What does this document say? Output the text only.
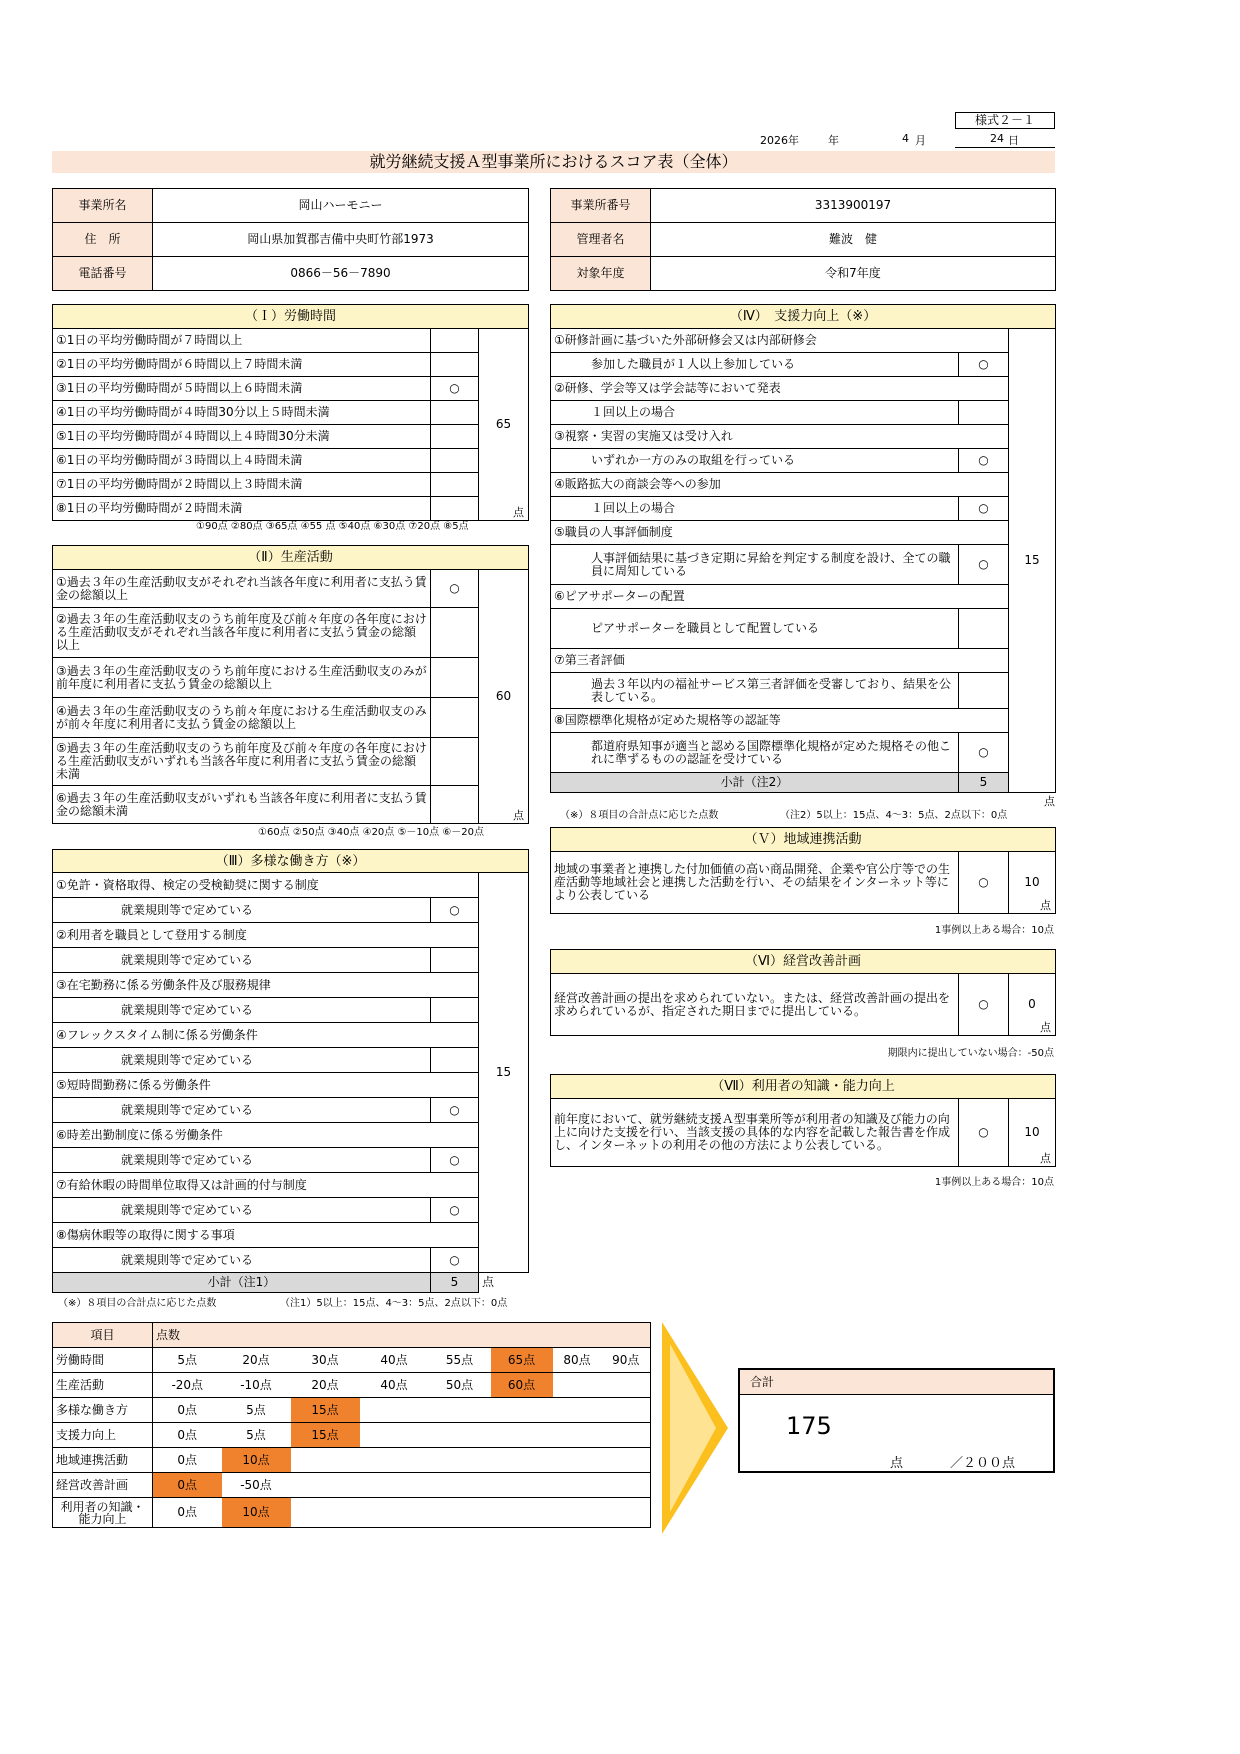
様式２－１
2026年	年	4 月	24 日
就労継続支援Ａ型事業所におけるスコア表（全体）
事業所名	岡山ハーモニー
住　所	岡山県加賀郡吉備中央町竹部1973
電話番号	0866－56－7890
事業所番号	3313900197
管理者名	難波　健
対象年度	令和7年度
（Ｉ）労働時間		
①1日の平均労働時間が７時間以上		65
点

②1日の平均労働時間が６時間以上７時間未満		
③1日の平均労働時間が５時間以上６時間未満	○	
④1日の平均労働時間が４時間30分以上５時間未満		
⑤1日の平均労働時間が４時間以上４時間30分未満		
⑥1日の平均労働時間が３時間以上４時間未満		
⑦1日の平均労働時間が２時間以上３時間未満		
⑧1日の平均労働時間が２時間未満		
①90点 ②80点 ③65点 ④55 点 ⑤40点 ⑥30点 ⑦20点 ⑧5点
（Ⅱ）生産活動		
①過去３年の生産活動収支がそれぞれ当該各年度に利用者に支払う賃金の総額以上	○	60
点

②過去３年の生産活動収支のうち前年度及び前々年度の各年度における生産活動収支がそれぞれ当該各年度に利用者に支払う賃金の総額以上		
③過去３年の生産活動収支のうち前年度における生産活動収支のみが前年度に利用者に支払う賃金の総額以上		
④過去３年の生産活動収支のうち前々年度における生産活動収支のみが前々年度に利用者に支払う賃金の総額以上		
⑤過去３年の生産活動収支のうち前年度及び前々年度の各年度における生産活動収支がいずれも当該各年度に利用者に支払う賃金の総額未満		
⑥過去３年の生産活動収支がいずれも当該各年度に利用者に支払う賃金の総額未満		
①60点 ②50点 ③40点 ④20点 ⑤－10点 ⑥－20点
（Ⅲ）多様な働き方（※）		
①免許・資格取得、検定の受検勧奨に関する制度		15
就業規則等で定めている	○	
②利用者を職員として登用する制度		
就業規則等で定めている		
③在宅勤務に係る労働条件及び服務規律		
就業規則等で定めている		
④フレックスタイム制に係る労働条件		
就業規則等で定めている		
⑤短時間勤務に係る労働条件		
就業規則等で定めている	○	
⑥時差出勤制度に係る労働条件		
就業規則等で定めている	○	
⑦有給休暇の時間単位取得又は計画的付与制度		
就業規則等で定めている	○	
⑧傷病休暇等の取得に関する事項		
就業規則等で定めている	○	
小計（注1）	5	点
（※）８項目の合計点に応じた点数	（注1）5以上：15点、4～3：5点、2点以下：0点
（Ⅳ）　支援力向上（※）		
①研修計画に基づいた外部研修会又は内部研修会		15
参加した職員が１人以上参加している	○	
②研修、学会等又は学会誌等において発表		
１回以上の場合		
③視察・実習の実施又は受け入れ		
いずれか一方のみの取組を行っている	○	
④販路拡大の商談会等への参加		
１回以上の場合	○	
⑤職員の人事評価制度		
人事評価結果に基づき定期に昇給を判定する制度を設け、全ての職員に周知している	○	
⑥ピアサポーターの配置		
ピアサポーターを職員として配置している		
⑦第三者評価		
過去３年以内の福祉サービス第三者評価を受審しており、結果を公表している。		
⑧国際標準化規格が定めた規格等の認証等		
都道府県知事が適当と認める国際標準化規格が定めた規格その他これに準ずるものの認証を受けている	○	
小計（注2）	5	
点
（※）８項目の合計点に応じた点数	（注2）5以上：15点、4～3：5点、2点以下：0点
（Ｖ）地域連携活動
地域の事業者と連携した付加価値の高い商品開発、企業や官公庁等での生産活動等地域社会と連携した活動を行い、その結果をインターネット等により公表している	○	10
点
1事例以上ある場合：10点
（Ⅵ）経営改善計画
経営改善計画の提出を求められていない。または、経営改善計画の提出を求められているが、指定された期日までに提出している。	○	0
点
期限内に提出していない場合：-50点
（Ⅶ）利用者の知識・能力向上
前年度において、就労継続支援Ａ型事業所等が利用者の知識及び能力の向上に向けた支援を行い、当該支援の具体的な内容を記載した報告書を作成し、インターネットの利用その他の方法により公表している。	○	10
点
1事例以上ある場合：10点
項目	点数							
労働時間	5点	20点	30点	40点	55点	65点	80点	90点
生産活動	-20点	-10点	20点	40点	50点	60点		
多様な働き方	0点	5点	15点					
支援力向上	0点	5点	15点					
地域連携活動	0点	10点						
経営改善計画	0点	-50点						
利用者の知識・能力向上	0点	10点						
合計
175
点	／２００点
